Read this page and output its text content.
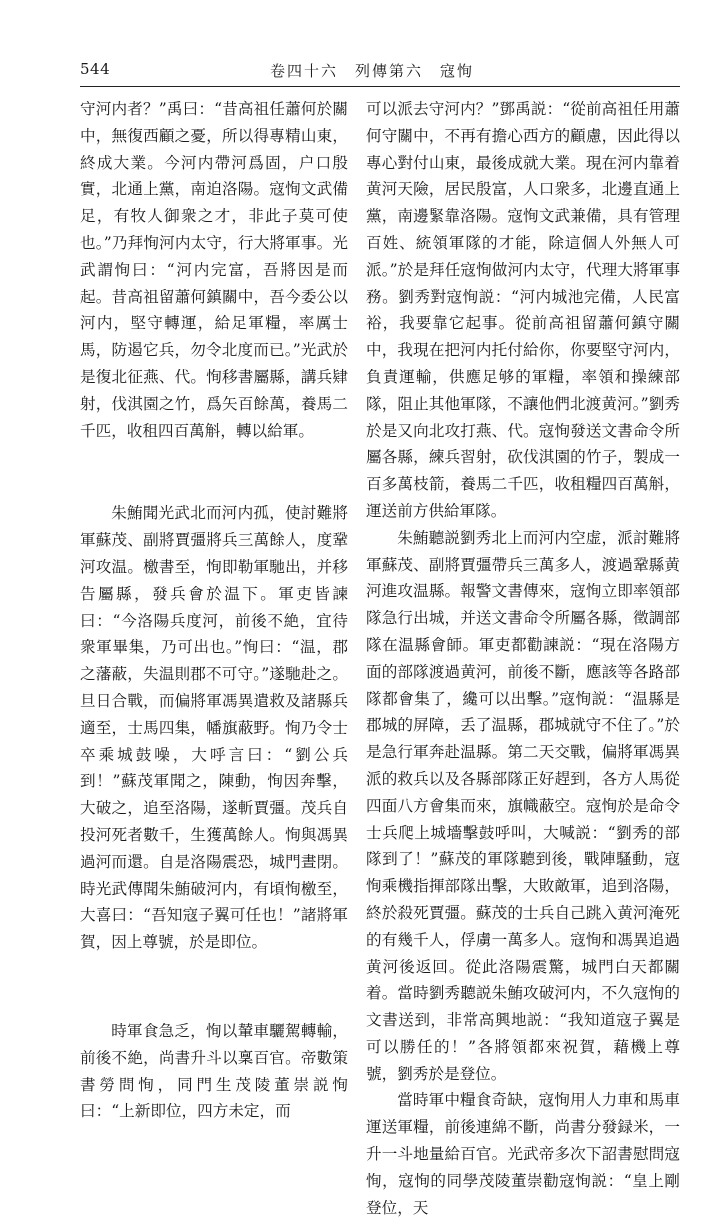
544	卷四十六　列傳第六　寇恂

守河内者？”禹曰：“昔高祖任蕭何於關中，無復西顧之憂，所以得專精山東，終成大業。今河内帶河爲固，户口殷實，北通上黨，南迫洛陽。寇恂文武備足，有牧人御衆之才，非此子莫可使也。”乃拜恂河内太守，行大將軍事。光武謂恂曰：“河内完富，吾將因是而起。昔高祖留蕭何鎮關中，吾今委公以河内，堅守轉運，給足軍糧，率厲士馬，防遏它兵，勿令北度而已。”光武於是復北征燕、代。恂移書屬縣，講兵肄射，伐淇園之竹，爲矢百餘萬，養馬二千匹，收租四百萬斛，轉以給軍。

朱鮪聞光武北而河内孤，使討難將軍蘇茂、副將賈彊將兵三萬餘人，度鞏河攻温。檄書至，恂即勒軍馳出，并移告屬縣，發兵會於温下。軍吏皆諫曰：“今洛陽兵度河，前後不絶，宜待衆軍畢集，乃可出也。”恂曰：“温，郡之藩蔽，失温則郡不可守。”遂馳赴之。旦日合戰，而偏將軍馮異遣救及諸縣兵適至，士馬四集，幡旗蔽野。恂乃令士卒乘城鼓噪，大呼言曰：“劉公兵到！”蘇茂軍聞之，陳動，恂因奔擊，大破之，追至洛陽，遂斬賈彊。茂兵自投河死者數千，生獲萬餘人。恂與馮異過河而還。自是洛陽震恐，城門晝閉。時光武傳聞朱鮪破河内，有頃恂檄至，大喜曰：“吾知寇子翼可任也！”諸將軍賀，因上尊號，於是即位。

時軍食急乏，恂以輦車驪駕轉輸，前後不絶，尚書升斗以稟百官。帝數策書勞問恂，同門生茂陵董崇説恂曰：“上新即位，四方未定，而

可以派去守河内？”鄧禹説：“從前高祖任用蕭何守關中，不再有擔心西方的顧慮，因此得以專心對付山東，最後成就大業。現在河内靠着黄河天險，居民殷富，人口衆多，北邊直通上黨，南邊緊靠洛陽。寇恂文武兼備，具有管理百姓、統領軍隊的才能，除這個人外無人可派。”於是拜任寇恂做河内太守，代理大將軍事務。劉秀對寇恂説：“河内城池完備，人民富裕，我要靠它起事。從前高祖留蕭何鎮守關中，我現在把河内托付給你，你要堅守河内，負責運輸，供應足够的軍糧，率領和操練部隊，阻止其他軍隊，不讓他們北渡黄河。”劉秀於是又向北攻打燕、代。寇恂發送文書命令所屬各縣，練兵習射，砍伐淇園的竹子，製成一百多萬枝箭，養馬二千匹，收租糧四百萬斛，運送前方供給軍隊。

朱鮪聽説劉秀北上而河内空虚，派討難將軍蘇茂、副將賈彊帶兵三萬多人，渡過鞏縣黄河進攻温縣。報警文書傳來，寇恂立即率領部隊急行出城，并送文書命令所屬各縣，徵調部隊在温縣會師。軍吏都勸諫説：“現在洛陽方面的部隊渡過黄河，前後不斷，應該等各路部隊都會集了，纔可以出擊。”寇恂説：“温縣是郡城的屏障，丢了温縣，郡城就守不住了。”於是急行軍奔赴温縣。第二天交戰，偏將軍馮異派的救兵以及各縣部隊正好趕到，各方人馬從四面八方會集而來，旗幟蔽空。寇恂於是命令士兵爬上城墻擊鼓呼叫，大喊説：“劉秀的部隊到了！”蘇茂的軍隊聽到後，戰陣騷動，寇恂乘機指揮部隊出擊，大敗敵軍，追到洛陽，終於殺死賈彊。蘇茂的士兵自己跳入黄河淹死的有幾千人，俘虜一萬多人。寇恂和馮異追過黄河後返回。從此洛陽震驚，城門白天都關着。當時劉秀聽説朱鮪攻破河内，不久寇恂的文書送到，非常高興地説：“我知道寇子翼是可以勝任的！”各將領都來祝賀，藉機上尊號，劉秀於是登位。

當時軍中糧食奇缺，寇恂用人力車和馬車運送軍糧，前後連綿不斷，尚書分發録米，一升一斗地量給百官。光武帝多次下詔書慰問寇恂，寇恂的同學茂陵董崇勸寇恂説：“皇上剛登位，天
